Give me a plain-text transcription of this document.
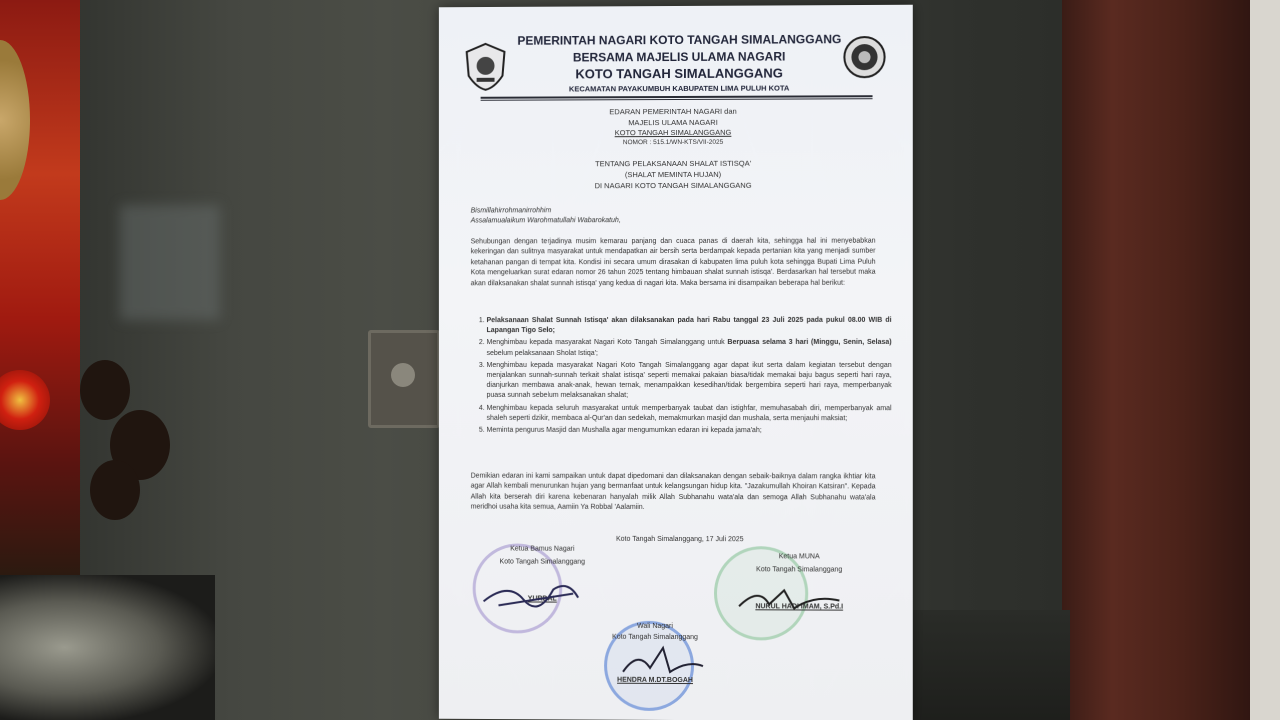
PEMERINTAH NAGARI KOTO TANGAH SIMALANGGANG
BERSAMA MAJELIS ULAMA NAGARI
KOTO TANGAH SIMALANGGANG
KECAMATAN PAYAKUMBUH KABUPATEN LIMA PULUH KOTA
EDARAN PEMERINTAH NAGARI dan
MAJELIS ULAMA NAGARI
KOTO TANGAH SIMALANGGANG
NOMOR : 515.1/WN-KTS/VII-2025
TENTANG PELAKSANAAN SHALAT ISTISQA'
(SHALAT MEMINTA HUJAN)
DI NAGARI KOTO TANGAH SIMALANGGANG
Bismillahirrohmanirrohhim
Assalamualaikum Warohmatullahi Wabarokatuh,
Sehubungan dengan terjadinya musim kemarau panjang dan cuaca panas di daerah kita, sehingga hal ini menyebabkan kekeringan dan sulitnya masyarakat untuk mendapatkan air bersih serta berdampak kepada pertanian kita yang menjadi sumber ketahanan pangan di tempat kita. Kondisi ini secara umum dirasakan di kabupaten lima puluh kota sehingga Bupati Lima Puluh Kota mengeluarkan surat edaran nomor 26 tahun 2025 tentang himbauan shalat sunnah istisqa'. Berdasarkan hal tersebut maka akan dilaksanakan shalat sunnah istisqa' yang kedua di nagari kita. Maka bersama ini disampaikan beberapa hal berikut:
1. Pelaksanaan Shalat Sunnah Istisqa' akan dilaksanakan pada hari Rabu tanggal 23 Juli 2025 pada pukul 08.00 WIB di Lapangan Tigo Selo;
2. Menghimbau kepada masyarakat Nagari Koto Tangah Simalanggang untuk Berpuasa selama 3 hari (Minggu, Senin, Selasa) sebelum pelaksanaan Sholat Istiqa';
3. Menghimbau kepada masyarakat Nagari Koto Tangah Simalanggang agar dapat ikut serta dalam kegiatan tersebut dengan menjalankan sunnah-sunnah terkait shalat istisqa' seperti memakai pakaian biasa/tidak memakai baju bagus seperti hari raya, dianjurkan membawa anak-anak, hewan ternak, menampakkan kesedihan/tidak bergembira seperti hari raya, memperbanyak puasa sunnah sebelum melaksanakan shalat;
4. Menghimbau kepada seluruh masyarakat untuk memperbanyak taubat dan istighfar, memuhasabah diri, memperbanyak amal shaleh seperti dzikir, membaca al-Qur'an dan sedekah, memakmurkan masjid dan mushala, serta menjauhi maksiat;
5. Meminta pengurus Masjid dan Mushalla agar mengumumkan edaran ini kepada jama'ah;
Demikian edaran ini kami sampaikan untuk dapat dipedomani dan dilaksanakan dengan sebaik-baiknya dalam rangka ikhtiar kita agar Allah kembali menurunkan hujan yang bermanfaat untuk kelangsungan hidup kita. "Jazakumullah Khoiran Katsiran". Kepada Allah kita berserah diri karena kebenaran hanyalah milik Allah Subhanahu wata'ala dan semoga Allah Subhanahu wata'ala meridhoi usaha kita semua, Aamiin Ya Robbal 'Aalamiin.
Koto Tangah Simalanggang, 17 Juli 2025
Ketua Bamus Nagari
Koto Tangah Simalanggang
YURDAL
Ketua MUNA
Koto Tangah Simalanggang
NURUL HADI IMAM, S.Pd.I
Wali Nagari
Koto Tangah Simalanggang
HENDRA M.DT.BOGAH
